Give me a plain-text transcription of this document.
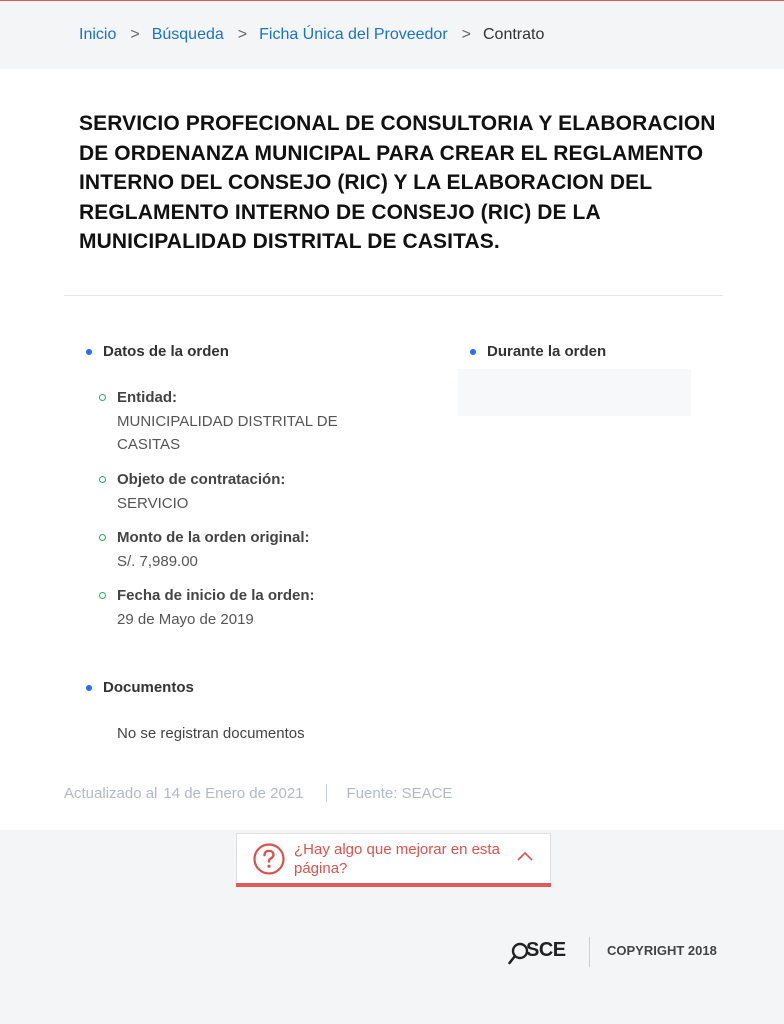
Inicio > Búsqueda > Ficha Única del Proveedor > Contrato
SERVICIO PROFECIONAL DE CONSULTORIA Y ELABORACION DE ORDENANZA MUNICIPAL PARA CREAR EL REGLAMENTO INTERNO DEL CONSEJO (RIC) Y LA ELABORACION DEL REGLAMENTO INTERNO DE CONSEJO (RIC) DE LA MUNICIPALIDAD DISTRITAL DE CASITAS.
Datos de la orden
Entidad:
MUNICIPALIDAD DISTRITAL DE CASITAS
Objeto de contratación:
SERVICIO
Monto de la orden original:
S/. 7,989.00
Fecha de inicio de la orden:
29 de Mayo de 2019
Durante la orden
Documentos
No se registran documentos
Actualizado al 14 de Enero de 2021	Fuente: SEACE
¿Hay algo que mejorar en esta página?
SCE	COPYRIGHT 2018
